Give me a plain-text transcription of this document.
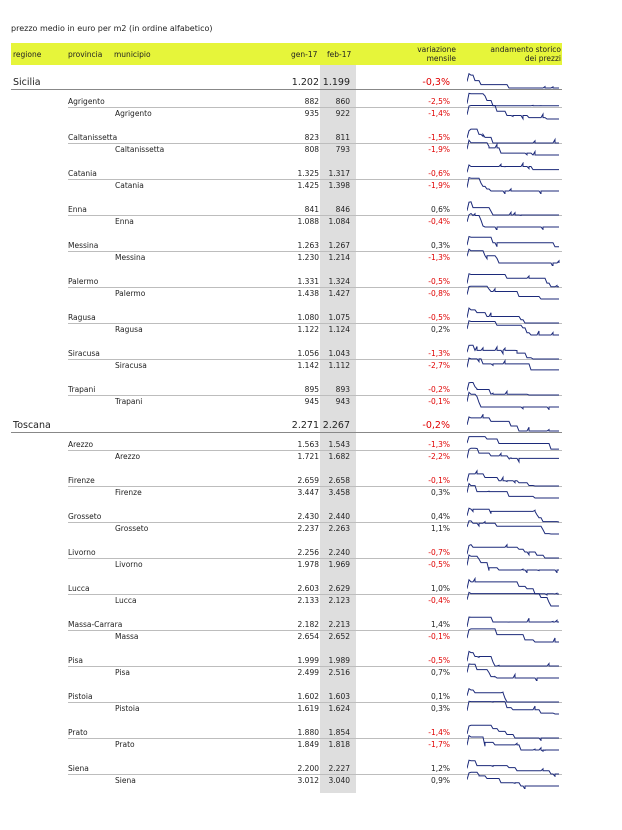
prezzo medio in euro per m2 (in ordine alfabetico)
regione	provincia municipio	gen-17 feb-17
variazione
mensile
andamento storico
dei prezzi
Sicilia	1.202 1.199	-0,3%
Agrigento	882	860	-2,5%
Agrigento	935	922	-1,4%
Caltanissetta	823	811	-1,5%
Caltanissetta	808	793	-1,9%
Catania	1.325	1.317	-0,6%
Catania	1.425	1.398	-1,9%
Enna	841	846	0,6%
Enna	1.088	1.084	-0,4%
Messina	1.263	1.267	0,3%
Messina	1.230	1.214	-1,3%
Palermo	1.331	1.324	-0,5%
Palermo	1.438	1.427	-0,8%
Ragusa	1.080	1.075	-0,5%
Ragusa	1.122	1.124	0,2%
Siracusa	1.056	1.043	-1,3%
Siracusa	1.142	1.112	-2,7%
Trapani	895	893	-0,2%
Trapani	945	943	-0,1%
Toscana	2.271 2.267	-0,2%
Arezzo	1.563	1.543	-1,3%
Arezzo	1.721	1.682	-2,2%
Firenze	2.659	2.658	-0,1%
Firenze	3.447	3.458	0,3%
Grosseto	2.430	2.440	0,4%
Grosseto	2.237	2.263	1,1%
Livorno	2.256	2.240	-0,7%
Livorno	1.978	1.969	-0,5%
Lucca	2.603	2.629	1,0%
Lucca	2.133	2.123	-0,4%
Massa-Carrara	2.182	2.213	1,4%
Massa	2.654	2.652	-0,1%
Pisa	1.999	1.989	-0,5%
Pisa	2.499	2.516	0,7%
Pistoia	1.602	1.603	0,1%
Pistoia	1.619	1.624	0,3%
Prato	1.880	1.854	-1,4%
Prato	1.849	1.818	-1,7%
Siena	2.200	2.227	1,2%
Siena	3.012	3.040	0,9%
